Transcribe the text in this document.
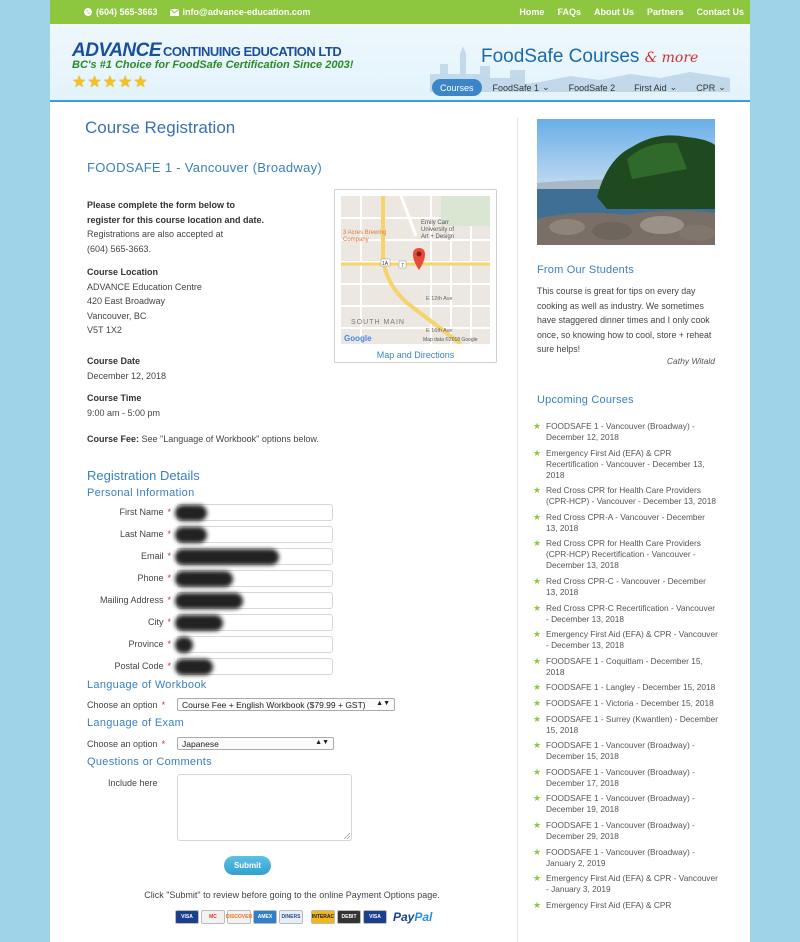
(604) 565-3663	info@advance-education.com	Home FAQs About Us Partners Contact Us
ADVANCE CONTINUING EDUCATION LTD
BC's #1 Choice for FoodSafe Certification Since 2003!
★★★★★
FoodSafe Courses & more
Courses FoodSafe 1 ⌄ FoodSafe 2 First Aid ⌄ CPR ⌄
Course Registration
FOODSAFE 1 - Vancouver (Broadway)
Please complete the form below to
register for this course location and date.
Registrations are also accepted at
(604) 565-3663.
Course Location
ADVANCE Education Centre
420 East Broadway
Vancouver, BC
V5T 1X2
Course Date
December 12, 2018
Course Time
9:00 am - 5:00 pm
Course Fee: See "Language of Workbook" options below.
Emily Carr
University of
Art + Design
3 Acres Brewing
Company
SOUTH MAIN
E 12th Ave
E 16th Ave
1A	7
Google	Map data ©2018 Google
Map and Directions
Registration Details
Personal Information
First Name *
Last Name *
Email *
Phone *
Mailing Address *
City *
Province *
Postal Code *
Language of Workbook
Choose an option *	Course Fee + English Workbook ($79.99 + GST) ▲▼
Language of Exam
Choose an option *	Japanese	▲▼
Questions or Comments
Include here
Submit
Click "Submit" to review before going to the online Payment Options page.
VISA	MC	DISCOVER	AMEX	DINERS	INTERAC	DEBIT	VISA	PayPal
From Our Students
This course is great for tips on every day cooking as well as industry. We sometimes have staggered dinner times and I only cook once, so knowing how to cool, store + reheat sure helps!
Cathy Witald
Upcoming Courses
★ FOODSAFE 1 - Vancouver (Broadway) - December 12, 2018
★ Emergency First Aid (EFA) & CPR Recertification - Vancouver - December 13, 2018
★ Red Cross CPR for Health Care Providers (CPR-HCP) - Vancouver - December 13, 2018
★ Red Cross CPR-A - Vancouver - December 13, 2018
★ Red Cross CPR for Health Care Providers (CPR-HCP) Recertification - Vancouver - December 13, 2018
★ Red Cross CPR-C - Vancouver - December 13, 2018
★ Red Cross CPR-C Recertification - Vancouver - December 13, 2018
★ Emergency First Aid (EFA) & CPR - Vancouver - December 13, 2018
★ FOODSAFE 1 - Coquitlam - December 15, 2018
★ FOODSAFE 1 - Langley - December 15, 2018
★ FOODSAFE 1 - Victoria - December 15, 2018
★ FOODSAFE 1 - Surrey (Kwantlen) - December 15, 2018
★ FOODSAFE 1 - Vancouver (Broadway) - December 15, 2018
★ FOODSAFE 1 - Vancouver (Broadway) - December 17, 2018
★ FOODSAFE 1 - Vancouver (Broadway) - December 19, 2018
★ FOODSAFE 1 - Vancouver (Broadway) - December 29, 2018
★ FOODSAFE 1 - Vancouver (Broadway) - January 2, 2019
★ Emergency First Aid (EFA) & CPR - Vancouver - January 3, 2019
★ Emergency First Aid (EFA) & CPR
